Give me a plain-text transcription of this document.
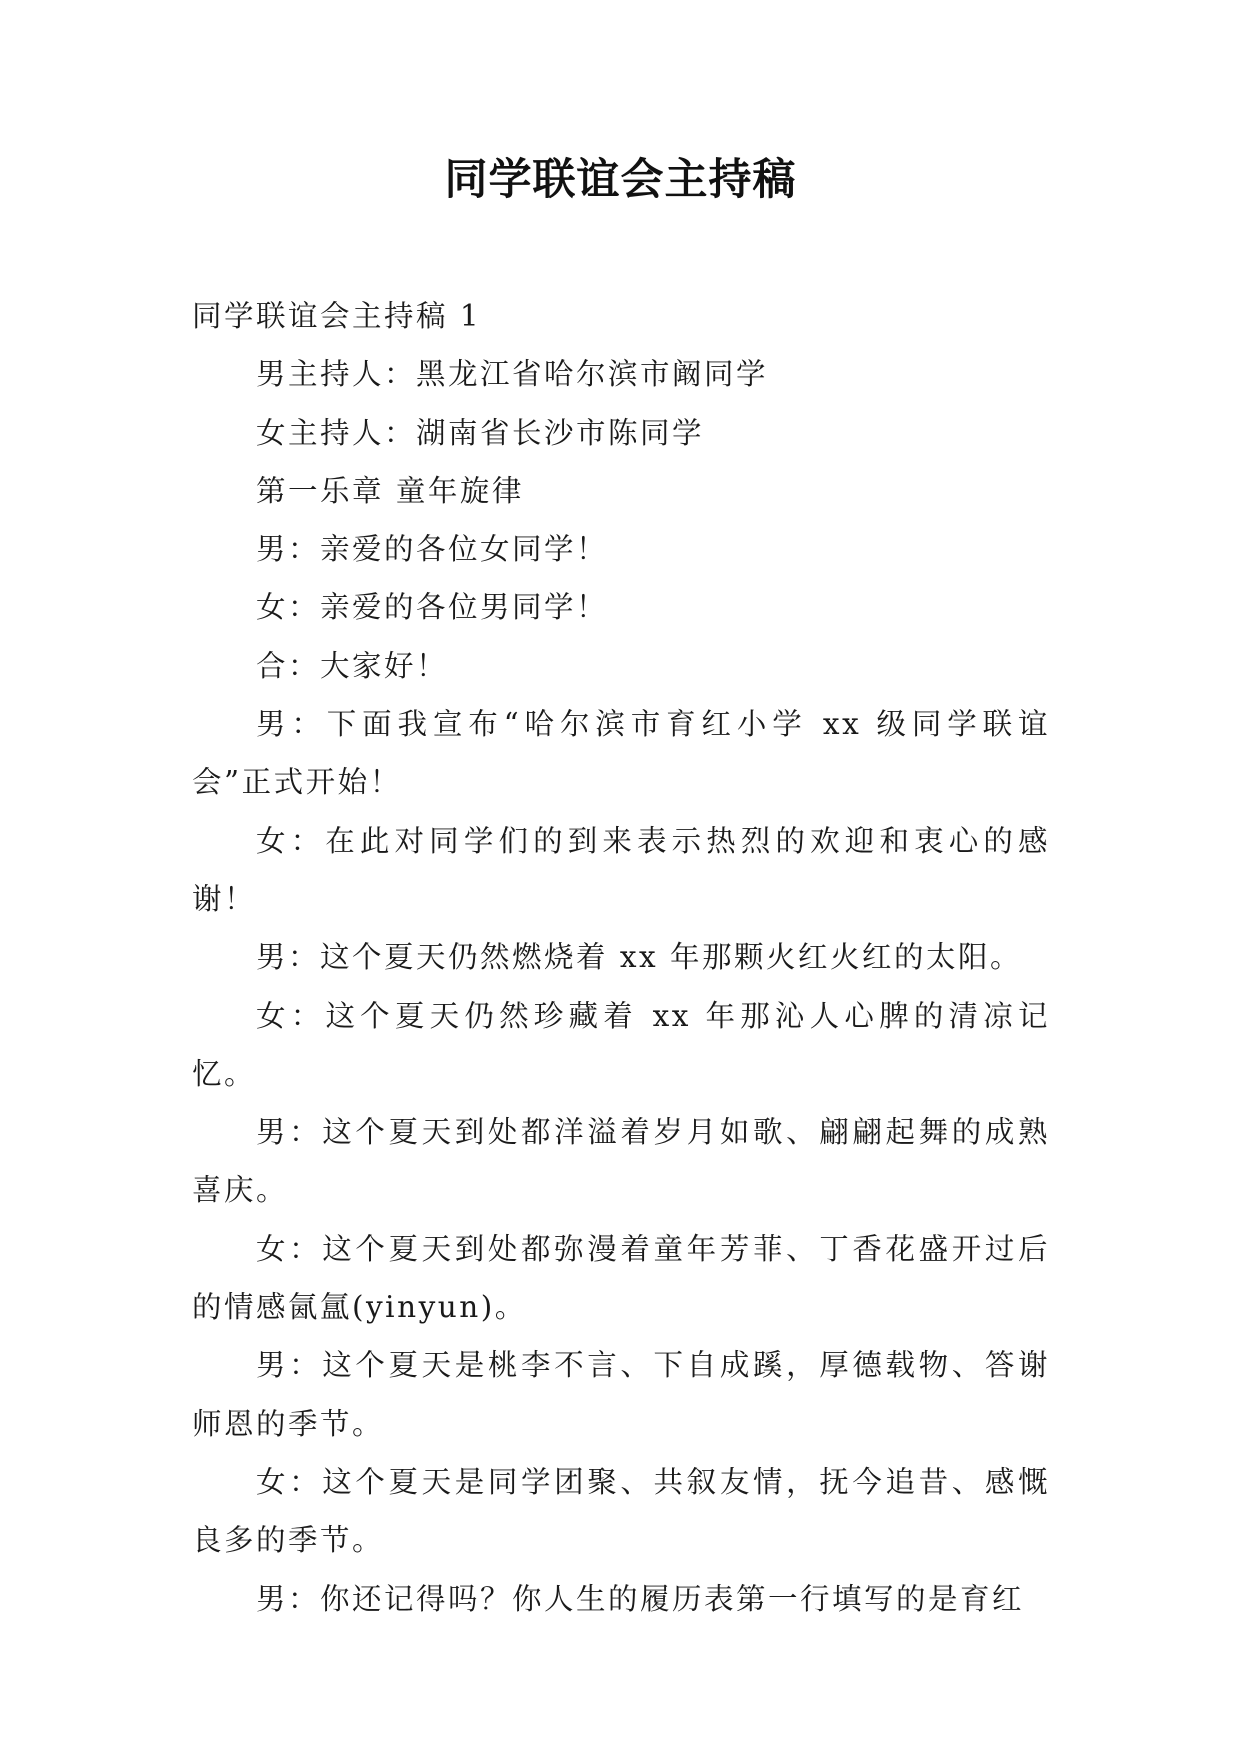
同学联谊会主持稿

同学联谊会主持稿 1

男主持人：黑龙江省哈尔滨市阚同学

女主持人：湖南省长沙市陈同学

第一乐章 童年旋律

男：亲爱的各位女同学！

女：亲爱的各位男同学！

合：大家好！

男：下面我宣布“哈尔滨市育红小学 xx 级同学联谊会”正式开始！

女：在此对同学们的到来表示热烈的欢迎和衷心的感谢！

男：这个夏天仍然燃烧着 xx 年那颗火红火红的太阳。

女：这个夏天仍然珍藏着 xx 年那沁人心脾的清凉记忆。

男：这个夏天到处都洋溢着岁月如歌、翩翩起舞的成熟喜庆。

女：这个夏天到处都弥漫着童年芳菲、丁香花盛开过后的情感氤氲(yinyun)。

男：这个夏天是桃李不言、下自成蹊，厚德载物、答谢师恩的季节。

女：这个夏天是同学团聚、共叙友情，抚今追昔、感慨良多的季节。

男：你还记得吗？你人生的履历表第一行填写的是育红
